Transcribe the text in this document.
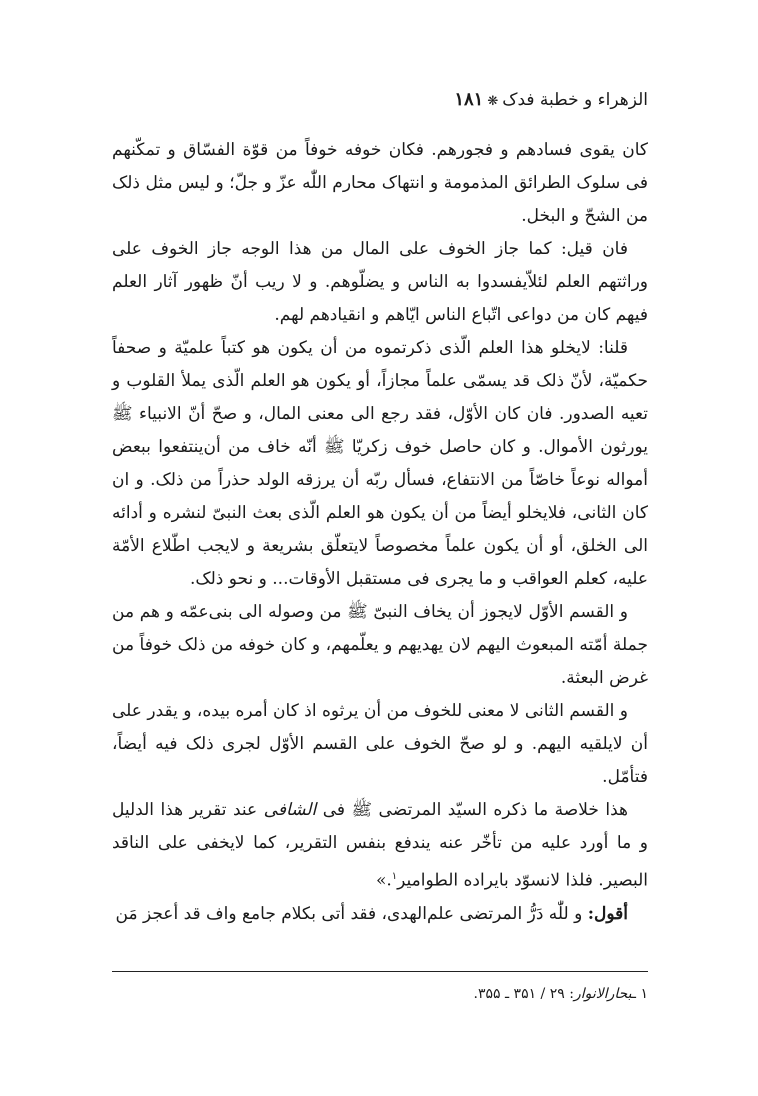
الزهراء و خطبة فدک❋۱۸۱

کان یقوی فسادهم و فجورهم. فکان خوفه خوفاً من قوّة الفسّاق و تمکّنهم فی سلوک الطرائق المذمومة و انتهاک محارم اللّٰه عزّ و جلّ؛ و لیس مثل ذلک من الشحّ و البخل.

فان قیل: کما جاز الخوف علی المال من هذا الوجه جاز الخوف علی وراثتهم العلم لئلاّیفسدوا به الناس و یضلّوهم. و لا ریب أنّ ظهور آثار العلم فیهم کان من دواعی اتّباع الناس ایّاهم و انقیادهم لهم.

قلنا: لایخلو هذا العلم الّذی ذکرتموه من أن یکون هو کتباً علمیّة و صحفاً حکمیّة، لأنّ ذلک قد یسمّی علماً مجازاً، أو یکون هو العلم الّذی یملأ القلوب و تعیه الصدور. فان کان الأوّل، فقد رجع الی معنی المال، و صحّ أنّ الانبیاء ﷺ یورثون الأموال. و کان حاصل خوف زکریّا ﷺ أنّه خاف من أن‌ینتفعوا ببعض أمواله نوعاً خاصّاً من الانتفاع، فسأل ربّه أن یرزقه الولد حذراً من ذلک. و ان کان الثانی، فلایخلو أیضاً من أن یکون هو العلم الّذی بعث النبیّ لنشره و أدائه الی الخلق، أو أن یکون علماً مخصوصاً لایتعلّق بشریعة و لایجب اطّلاع الأمّة علیه، کعلم العواقب و ما یجری فی مستقبل الأوقات... و نحو ذلک.

و القسم الأوّل لایجوز أن یخاف النبیّ ﷺ من وصوله الی بنی‌عمّه و هم من جملة أمّته المبعوث الیهم لان یهدیهم و یعلّمهم، و کان خوفه من ذلک خوفاً من غرض البعثة.

و القسم الثانی لا معنی للخوف من أن یرثوه اذ کان أمره بیده، و یقدر علی أن لایلقیه الیهم. و لو صحّ الخوف علی القسم الأوّل لجری ذلک فیه أیضاً، فتأمّل.

هذا خلاصة ما ذکره السیّد المرتضی ﷺ فی الشافی عند تقریر هذا الدلیل و ما أورد علیه من تأخّر عنه یندفع بنفس التقریر، کما لایخفی علی الناقد البصیر. فلذا لانسوّد بایراده الطوامیر$^۱$.»

أقول: و للّٰه دَرُّ المرتضی علم‌الهدی، فقد أتی بکلام جامع واف قد أعجز مَن

۱ ـبحارالانوار: ۲۹ / ۳۵۱ ـ ۳۵۵.
